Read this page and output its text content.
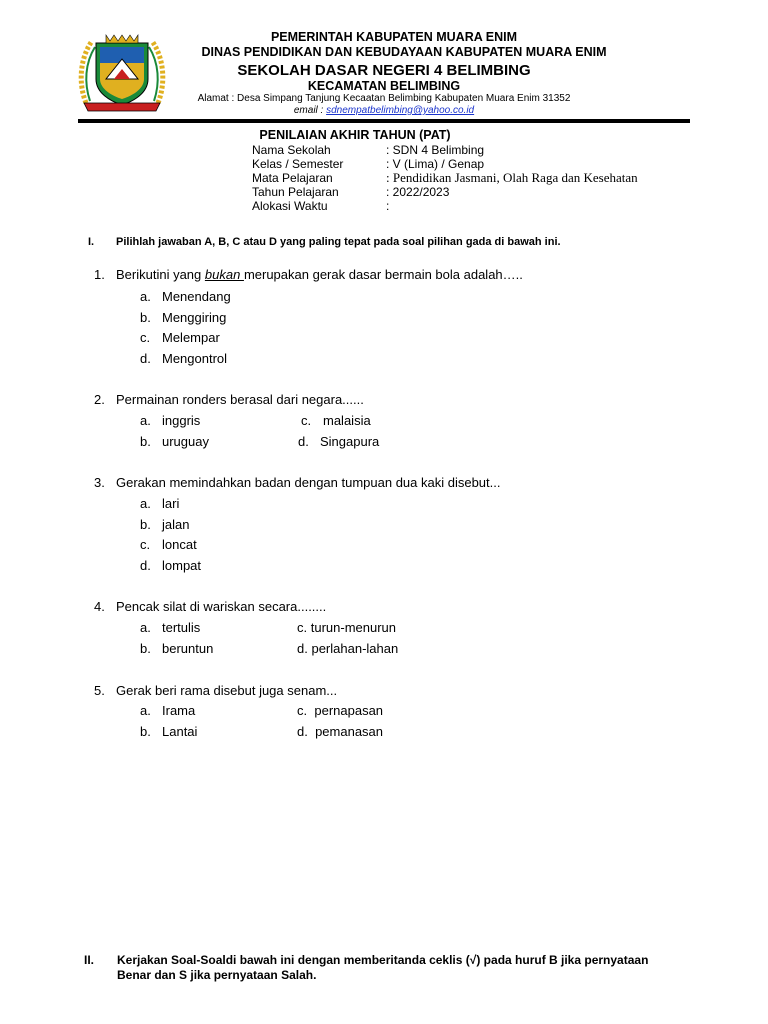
PEMERINTAH KABUPATEN MUARA ENIM
DINAS PENDIDIKAN DAN KEBUDAYAAN KABUPATEN MUARA ENIM
SEKOLAH DASAR NEGERI 4 BELIMBING
KECAMATAN BELIMBING
Alamat : Desa Simpang Tanjung Kecaatan Belimbing Kabupaten Muara Enim 31352
email : sdnempatbelimbing@yahoo.co.id
PENILAIAN AKHIR TAHUN (PAT)
Nama Sekolah	: SDN 4 Belimbing
Kelas / Semester	: V (Lima) / Genap
Mata Pelajaran	: Pendidikan Jasmani, Olah Raga dan Kesehatan
Tahun Pelajaran	: 2022/2023
Alokasi Waktu	:
I. Pilihlah jawaban A, B, C atau D yang paling tepat pada soal pilihan gada di bawah ini.
1. Berikutini yang bukan merupakan gerak dasar bermain bola adalah…..
a. Menendang
b. Menggiring
c. Melempar
d. Mengontrol
2. Permainan ronders berasal dari negara......
a. inggris	c. malaisia
b. uruguay	d. Singapura
3. Gerakan memindahkan badan dengan tumpuan dua kaki disebut...
a. lari
b. jalan
c. loncat
d. lompat
4. Pencak silat di wariskan secara........
a. tertulis	c. turun-menurun
b. beruntun	d. perlahan-lahan
5. Gerak beri rama disebut juga senam...
a. Irama	c. pernapasan
b. Lantai	d. pemanasan
II. Kerjakan Soal-Soaldi bawah ini dengan memberitanda ceklis (√) pada huruf B jika pernyataan
Benar dan S jika pernyataan Salah.
